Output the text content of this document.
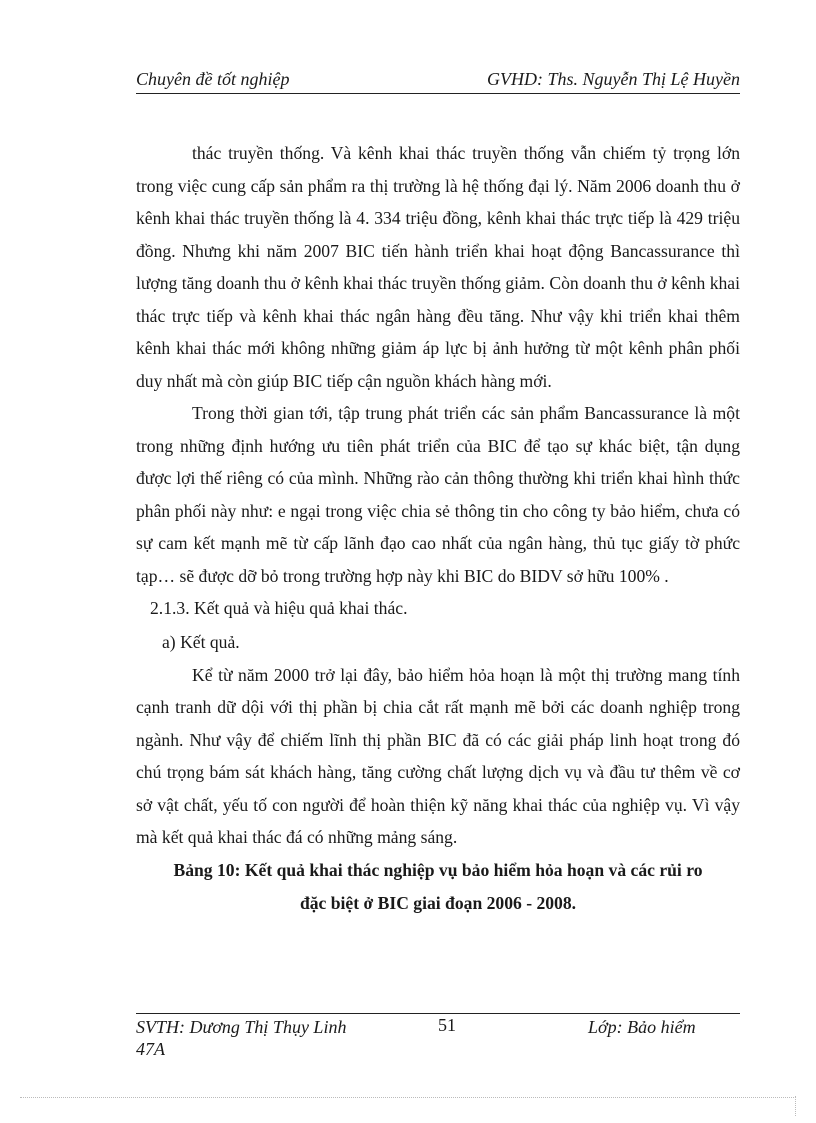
Chuyên đề tốt nghiệp	GVHD: Ths. Nguyễn Thị Lệ Huyền

thác truyền thống. Và kênh khai thác truyền thống vẫn chiếm tỷ trọng lớn trong việc cung cấp sản phẩm ra thị trường là hệ thống đại lý. Năm 2006 doanh thu ở kênh khai thác truyền thống là 4. 334 triệu đồng, kênh khai thác trực tiếp là 429 triệu đồng. Nhưng khi năm 2007 BIC tiến hành triển khai hoạt động Bancassurance thì lượng tăng doanh thu ở kênh khai thác truyền thống giảm. Còn doanh thu ở kênh khai thác trực tiếp và kênh khai thác ngân hàng đều tăng. Như vậy khi triển khai thêm kênh khai thác mới không những giảm áp lực bị ảnh hưởng từ một kênh phân phối duy nhất mà còn giúp BIC tiếp cận nguồn khách hàng mới.

Trong thời gian tới, tập trung phát triển các sản phẩm Bancassurance là một trong những định hướng ưu tiên phát triển của BIC để tạo sự khác biệt, tận dụng được lợi thế riêng có của mình. Những rào cản thông thường khi triển khai hình thức phân phối này như: e ngại trong việc chia sẻ thông tin cho công ty bảo hiểm, chưa có sự cam kết mạnh mẽ từ cấp lãnh đạo cao nhất của ngân hàng, thủ tục giấy tờ phức tạp… sẽ được dỡ bỏ trong trường hợp này khi BIC do BIDV sở hữu 100% .

2.1.3. Kết quả và hiệu quả khai thác.

a) Kết quả.

Kể từ năm 2000 trở lại đây, bảo hiểm hỏa hoạn là một thị trường mang tính cạnh tranh dữ dội với thị phần bị chia cắt rất mạnh mẽ bởi các doanh nghiệp trong ngành. Như vậy để chiếm lĩnh thị phần BIC đã có các giải pháp linh hoạt trong đó chú trọng bám sát khách hàng, tăng cường chất lượng dịch vụ và đầu tư thêm về cơ sở vật chất, yếu tố con người để hoàn thiện kỹ năng khai thác của nghiệp vụ. Vì vậy mà kết quả khai thác đá có những mảng sáng.

Bảng 10: Kết quả khai thác nghiệp vụ bảo hiểm hỏa hoạn và các rủi ro

đặc biệt ở BIC giai đoạn 2006 - 2008.

SVTH: Dương Thị Thụy Linh 47A
51	Lớp: Bảo hiểm
